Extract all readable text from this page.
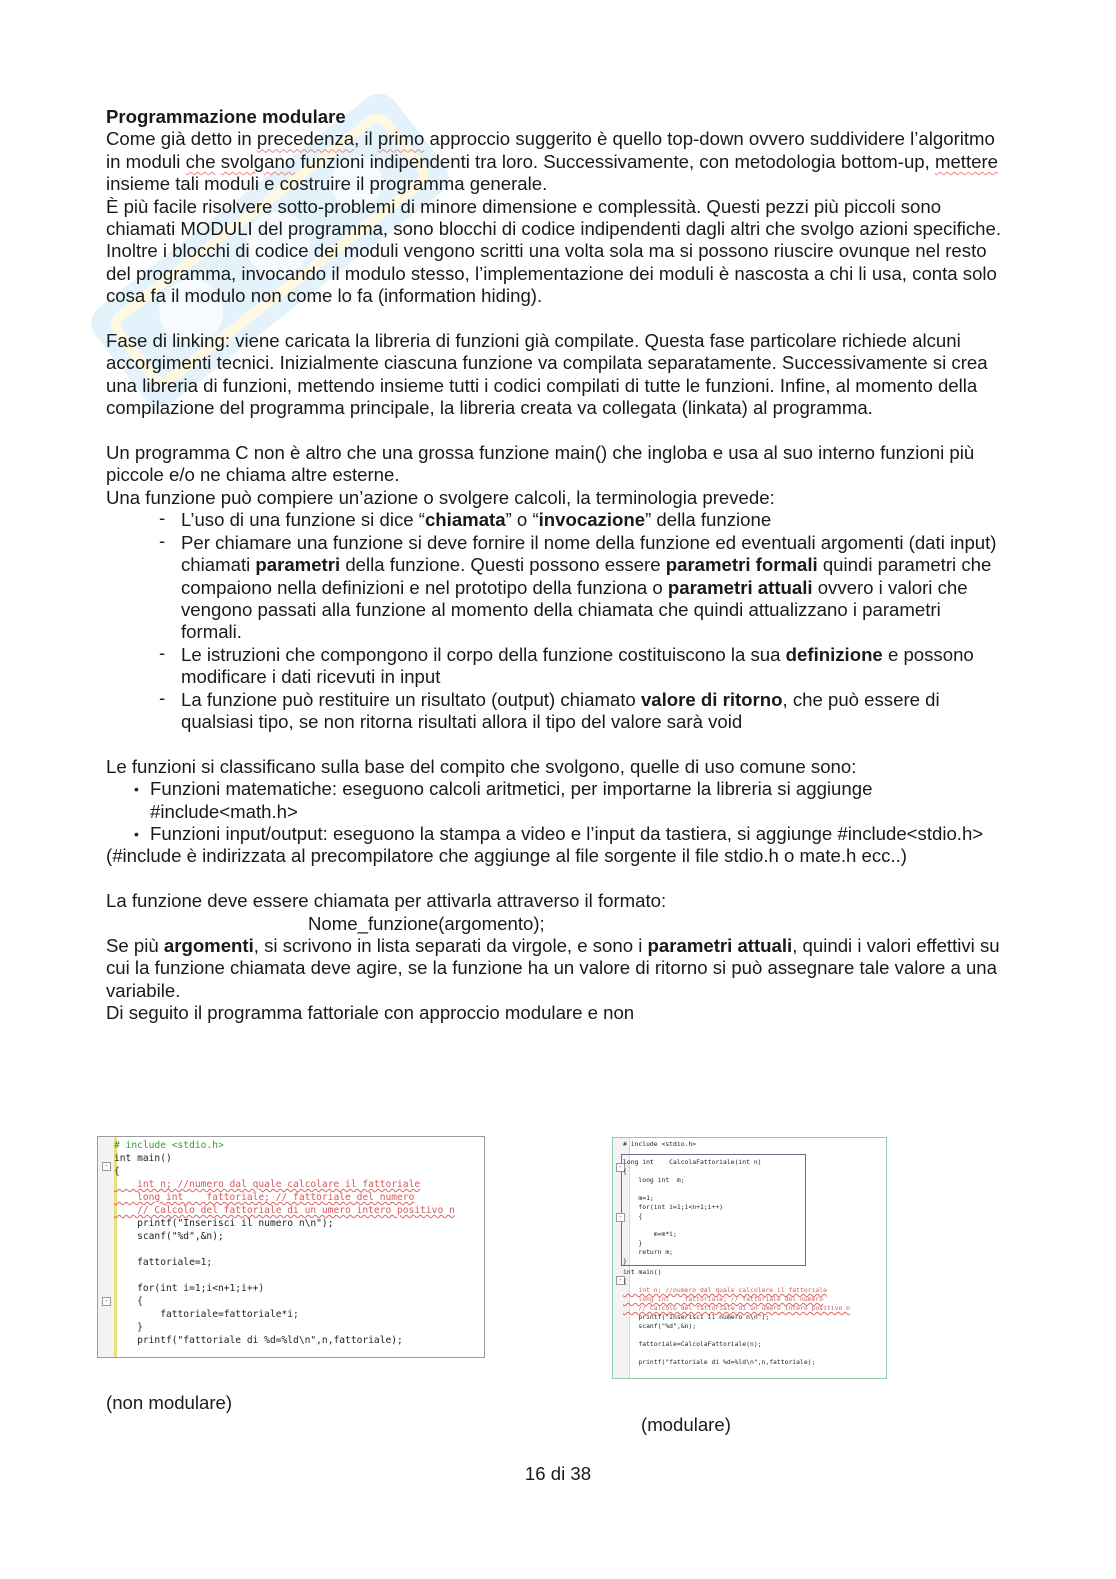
Programmazione modulare

Come già detto in precedenza, il primo approccio suggerito è quello top-down ovvero suddividere l’algoritmo in moduli che svolgano funzioni indipendenti tra loro. Successivamente, con metodologia bottom-up, mettere insieme tali moduli e costruire il programma generale.

È più facile risolvere sotto-problemi di minore dimensione e complessità. Questi pezzi più piccoli sono chiamati MODULI del programma, sono blocchi di codice indipendenti dagli altri che svolgo azioni specifiche. Inoltre i blocchi di codice dei moduli vengono scritti una volta sola ma si possono riuscire ovunque nel resto del programma, invocando il modulo stesso, l’implementazione dei moduli è nascosta a chi li usa, conta solo cosa fa il modulo non come lo fa (information hiding).

Fase di linking: viene caricata la libreria di funzioni già compilate. Questa fase particolare richiede alcuni accorgimenti tecnici. Inizialmente ciascuna funzione va compilata separatamente. Successivamente si crea una libreria di funzioni, mettendo insieme tutti i codici compilati di tutte le funzioni. Infine, al momento della compilazione del programma principale, la libreria creata va collegata (linkata) al programma.

Un programma C non è altro che una grossa funzione main() che ingloba e usa al suo interno funzioni più piccole e/o ne chiama altre esterne.

Una funzione può compiere un’azione o svolgere calcoli, la terminologia prevede:

- L’uso di una funzione si dice “chiamata” o “invocazione” della funzione
- Per chiamare una funzione si deve fornire il nome della funzione ed eventuali argomenti (dati input) chiamati parametri della funzione. Questi possono essere parametri formali quindi parametri che compaiono nella definizioni e nel prototipo della funziona o parametri attuali ovvero i valori che vengono passati alla funzione al momento della chiamata che quindi attualizzano i parametri formali.
- Le istruzioni che compongono il corpo della funzione costituiscono la sua definizione e possono modificare i dati ricevuti in input
- La funzione può restituire un risultato (output) chiamato valore di ritorno, che può essere di qualsiasi tipo, se non ritorna risultati allora il tipo del valore sarà void

Le funzioni si classificano sulla base del compito che svolgono, quelle di uso comune sono:

• Funzioni matematiche: eseguono calcoli aritmetici, per importarne la libreria si aggiunge #include<math.h>
• Funzioni input/output: eseguono la stampa a video e l’input da tastiera, si aggiunge #include<stdio.h>

(#include è indirizzata al precompilatore che aggiunge al file sorgente il file stdio.h o mate.h ecc..)

La funzione deve essere chiamata per attivarla attraverso il formato:

Nome_funzione(argomento);

Se più argomenti, si scrivono in lista separati da virgole, e sono i parametri attuali, quindi i valori effettivi su cui la funzione chiamata deve agire, se la funzione ha un valore di ritorno si può assegnare tale valore a una variabile.

Di seguito il programma fattoriale con approccio modulare e non

-
-
# include <stdio.h>
int main()
{
int n; //numero dal quale calcolare il fattoriale
long int    fattoriale; // fattoriale del numero
// Calcolo del fattoriale di un umero intero positivo n
printf("Inserisci il numero n\n");
scanf("%d",&n);
fattoriale=1;
for(int i=1;i<n+1;i++)
{
fattoriale=fattoriale*i;
}
printf("fattoriale di %d=%ld\n",n,fattoriale);
-
-
-
# include <stdio.h>
long int    CalcolaFattoriale(int n)
{
long int  m;
m=1;
for(int i=1;i<n+1;i++)
{
m=m*i;
}
return m;
}
int main()
{
int n; //numero dal quale calcolare il fattoriale
long int    fattoriale; // fattoriale del numero
// Calcolo del fattoriale di un umero intero positivo n
printf("Inserisci il numero n\n");
scanf("%d",&n);
fattoriale=CalcolaFattoriale(n);
printf("fattoriale di %d=%ld\n",n,fattoriale);
(non modulare)
(modulare)
16 di 38
